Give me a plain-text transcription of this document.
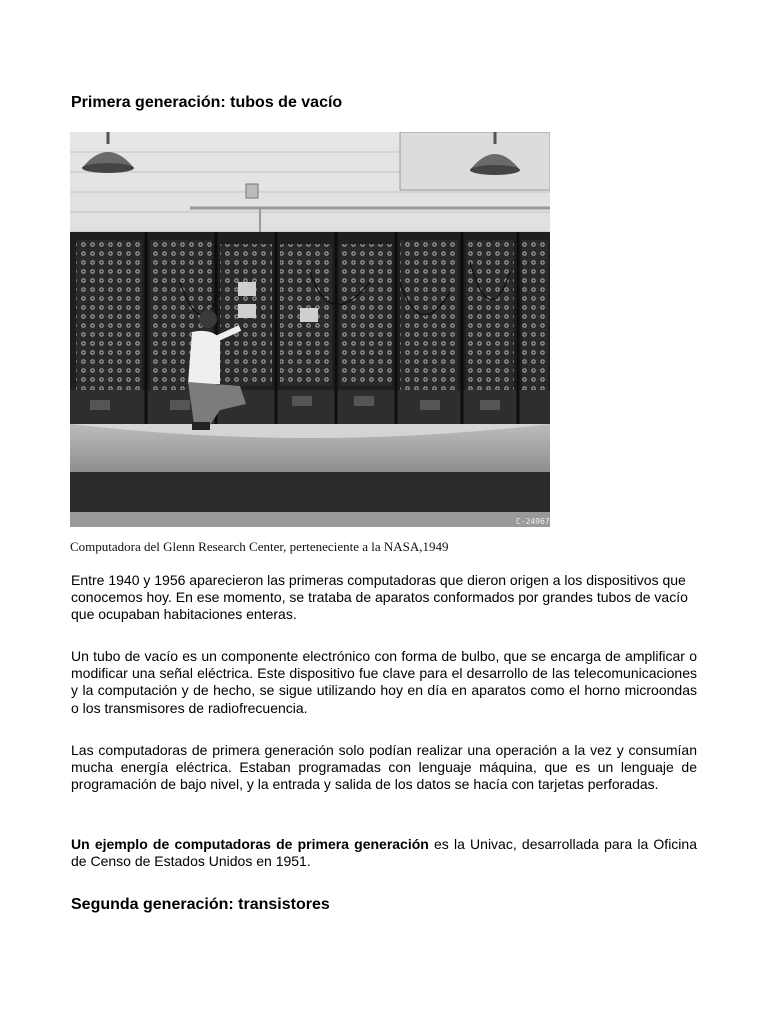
Primera generación: tubos de vacío
C-24967

Computadora del Glenn Research Center, perteneciente a la NASA,1949

Entre 1940 y 1956 aparecieron las primeras computadoras que dieron origen a los dispositivos que conocemos hoy. En ese momento, se trataba de aparatos conformados por grandes tubos de vacío que ocupaban habitaciones enteras.

Un tubo de vacío es un componente electrónico con forma de bulbo, que se encarga de amplificar o modificar una señal eléctrica. Este dispositivo fue clave para el desarrollo de las telecomunicaciones y la computación y de hecho, se sigue utilizando hoy en día en aparatos como el horno microondas o los transmisores de radiofrecuencia.

Las computadoras de primera generación solo podían realizar una operación a la vez y consumían mucha energía eléctrica. Estaban programadas con lenguaje máquina, que es un lenguaje de programación de bajo nivel, y la entrada y salida de los datos se hacía con tarjetas perforadas.

Un ejemplo de computadoras de primera generación es la Univac, desarrollada para la Oficina de Censo de Estados Unidos en 1951.

Segunda generación: transistores
